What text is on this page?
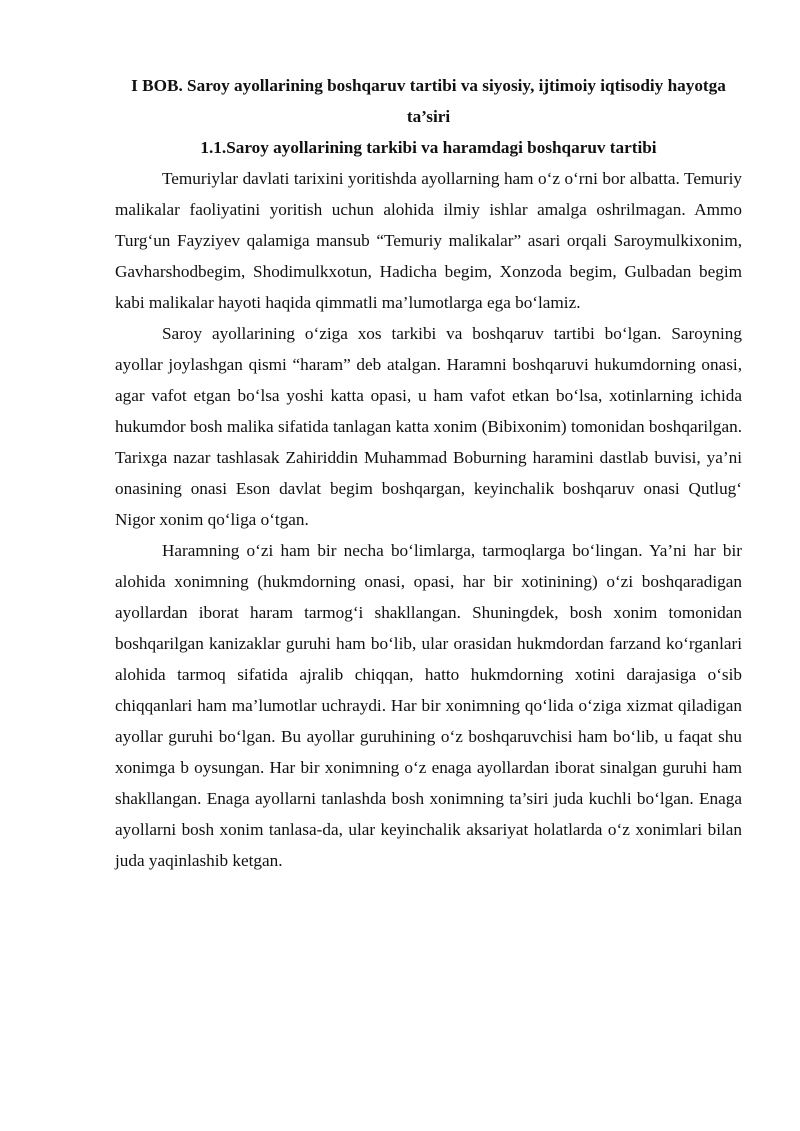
I BOB. Saroy ayollarining boshqaruv tartibi va siyosiy, ijtimoiy iqtisodiy hayotga ta’siri
1.1.Saroy ayollarining tarkibi va haramdagi boshqaruv tartibi

Temuriylar davlati tarixini yoritishda ayollarning ham o‘z o‘rni bor albatta. Temuriy malikalar faoliyatini yoritish uchun alohida ilmiy ishlar amalga oshrilmagan. Ammo Turg‘un Fayziyev qalamiga mansub “Temuriy malikalar” asari orqali Saroymulkixonim, Gavharshodbegim, Shodimulkxotun, Hadicha begim, Xonzoda begim, Gulbadan begim kabi malikalar hayoti haqida qimmatli ma’lumotlarga ega bo‘lamiz.

Saroy ayollarining o‘ziga xos tarkibi va boshqaruv tartibi bo‘lgan. Saroyning ayollar joylashgan qismi “haram” deb atalgan. Haramni boshqaruvi hukumdorning onasi, agar vafot etgan bo‘lsa yoshi katta opasi, u ham vafot etkan bo‘lsa, xotinlarning ichida hukumdor bosh malika sifatida tanlagan katta xonim (Bibixonim) tomonidan boshqarilgan. Tarixga nazar tashlasak Zahiriddin Muhammad Boburning haramini dastlab buvisi, ya’ni onasining onasi Eson davlat begim boshqargan, keyinchalik boshqaruv onasi Qutlug‘ Nigor xonim qo‘liga o‘tgan.

Haramning o‘zi ham bir necha bo‘limlarga, tarmoqlarga bo‘lingan. Ya’ni har bir alohida xonimning (hukmdorning onasi, opasi, har bir xotinining) o‘zi boshqaradigan ayollardan iborat haram tarmog‘i shakllangan. Shuningdek, bosh xonim tomonidan boshqarilgan kanizaklar guruhi ham bo‘lib, ular orasidan hukmdordan farzand ko‘rganlari alohida tarmoq sifatida ajralib chiqqan, hatto hukmdorning xotini darajasiga o‘sib chiqqanlari ham ma’lumotlar uchraydi. Har bir xonimning qo‘lida o‘ziga xizmat qiladigan ayollar guruhi bo‘lgan. Bu ayollar guruhining o‘z boshqaruvchisi ham bo‘lib, u faqat shu xonimga b oysungan. Har bir xonimning o‘z enaga ayollardan iborat sinalgan guruhi ham shakllangan. Enaga ayollarni tanlashda bosh xonimning ta’siri juda kuchli bo‘lgan. Enaga ayollarni bosh xonim tanlasa-da, ular keyinchalik aksariyat holatlarda o‘z xonimlari bilan juda yaqinlashib ketgan.
